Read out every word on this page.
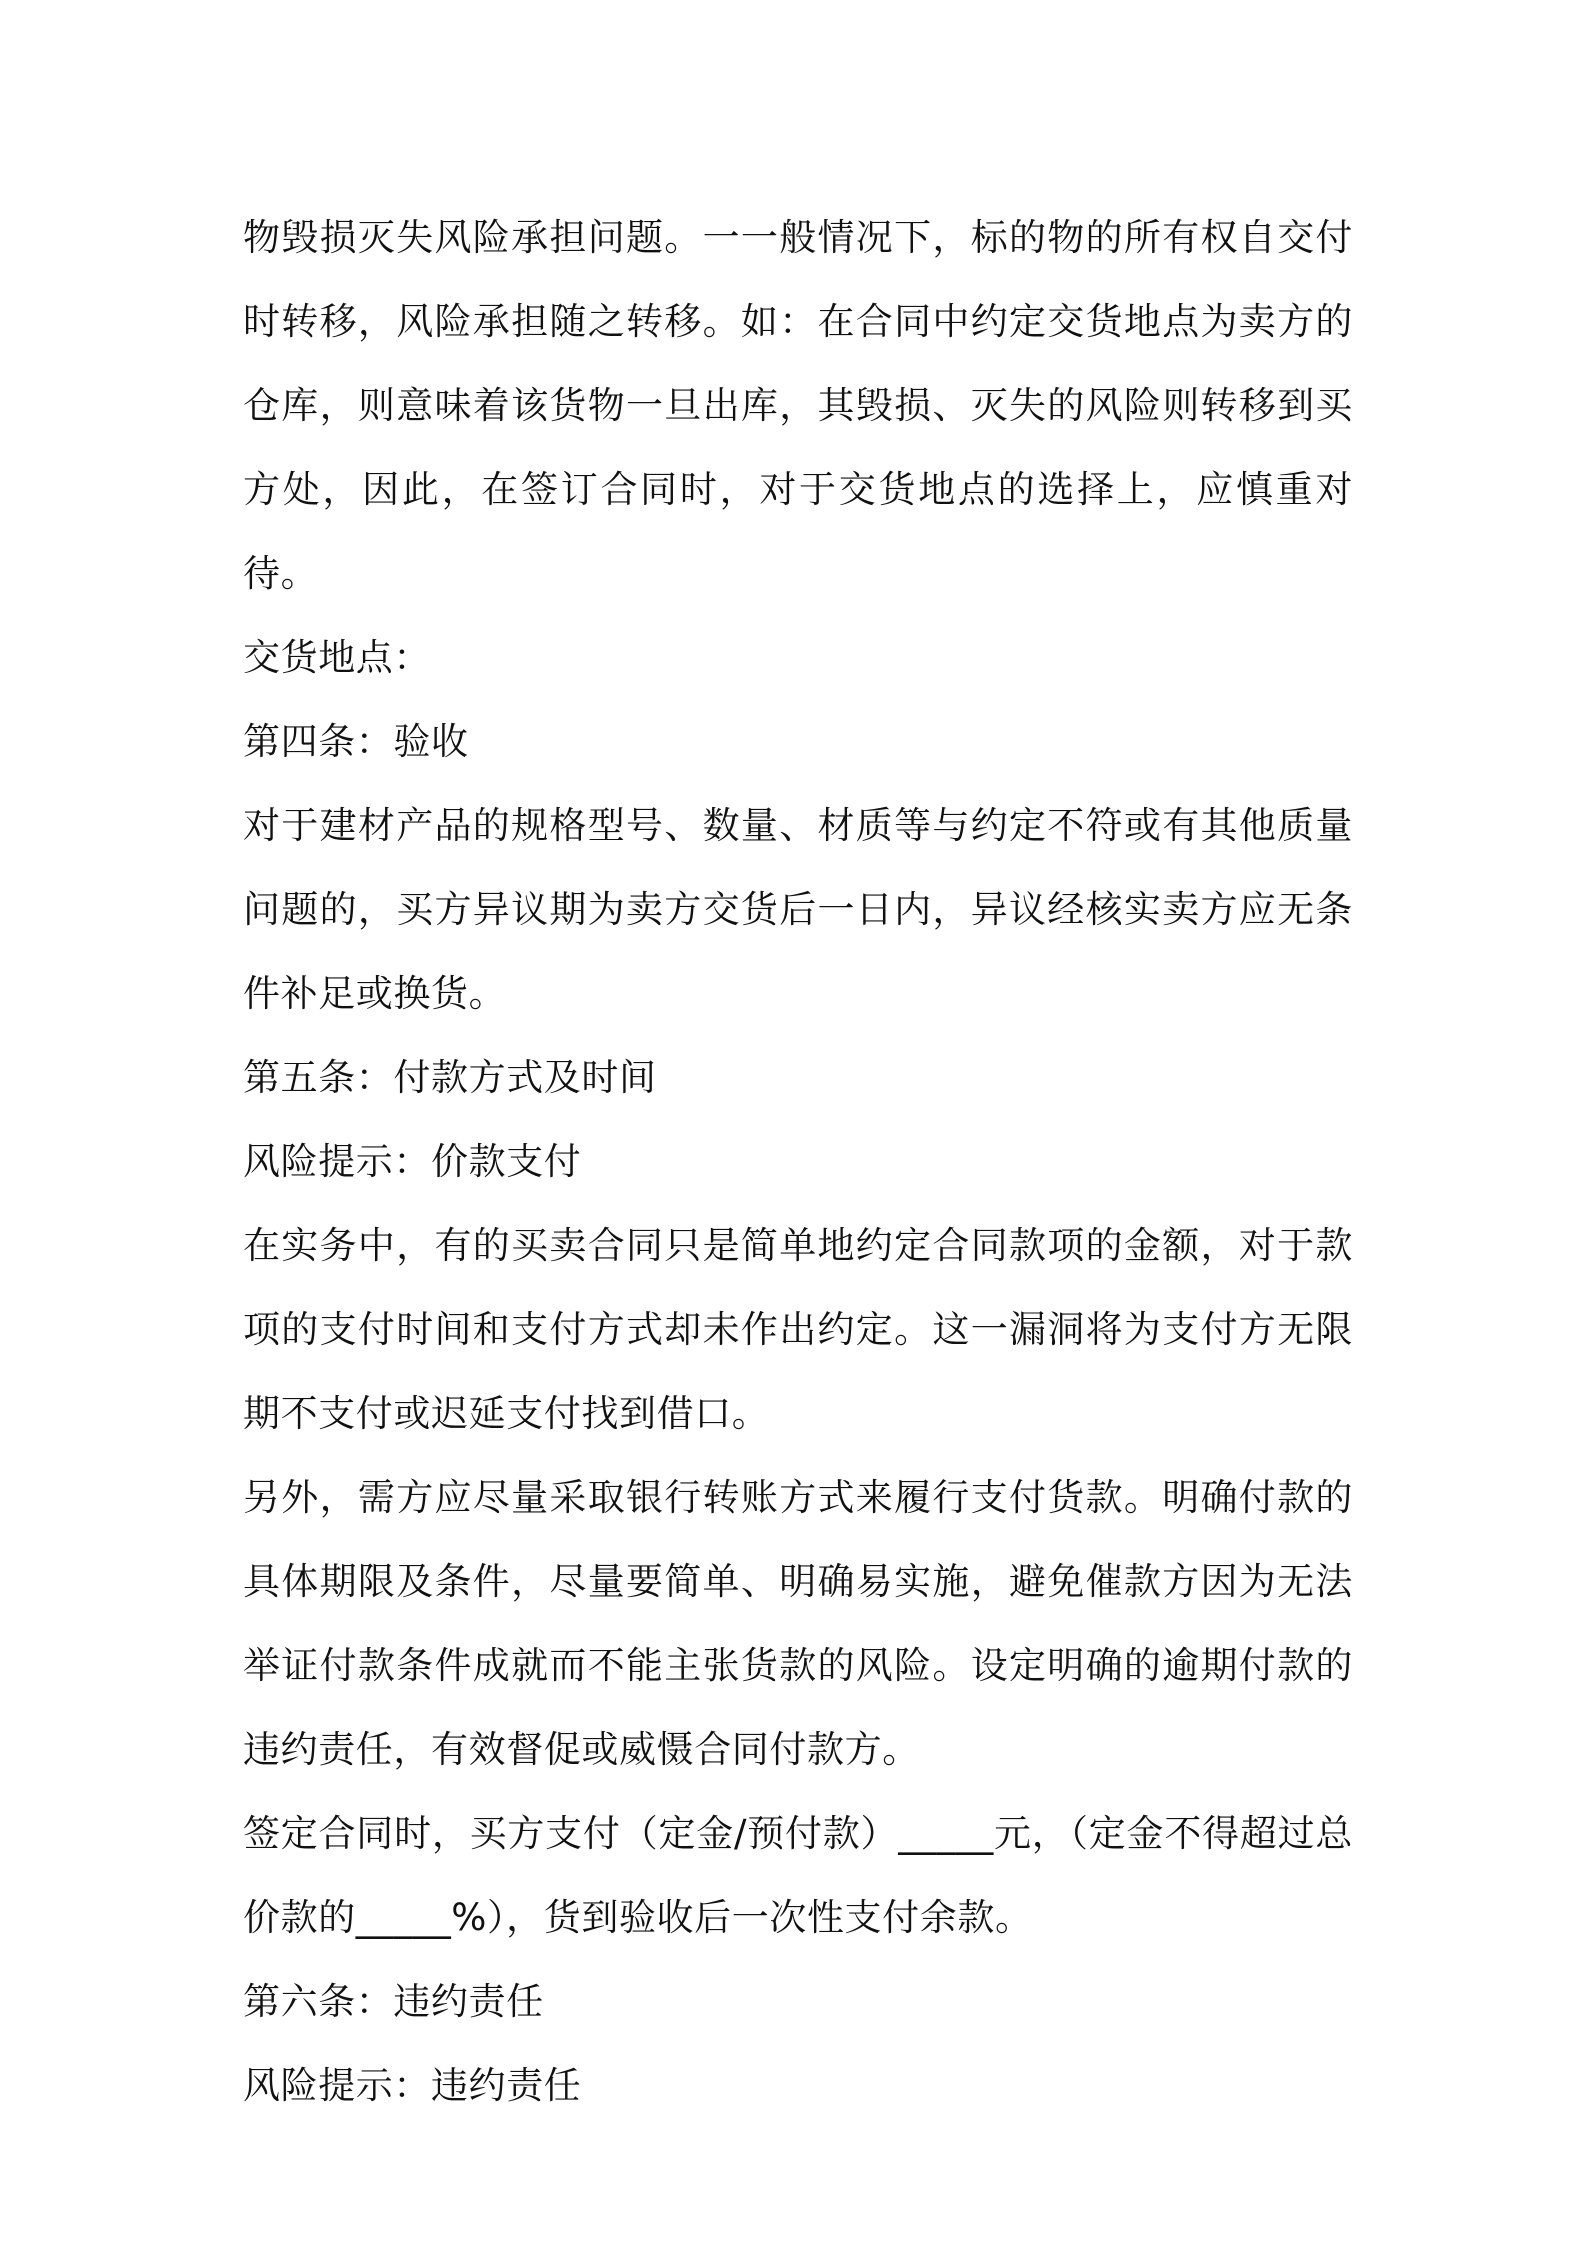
物毁损灭失风险承担问题。一一般情况下，标的物的所有权自交付时转移，风险承担随之转移。如：在合同中约定交货地点为卖方的仓库，则意味着该货物一旦出库，其毁损、灭失的风险则转移到买方处，因此，在签订合同时，对于交货地点的选择上，应慎重对待。

交货地点：

第四条：验收

对于建材产品的规格型号、数量、材质等与约定不符或有其他质量问题的，买方异议期为卖方交货后一日内，异议经核实卖方应无条件补足或换货。

第五条：付款方式及时间

风险提示：价款支付

在实务中，有的买卖合同只是简单地约定合同款项的金额，对于款项的支付时间和支付方式却未作出约定。这一漏洞将为支付方无限期不支付或迟延支付找到借口。

另外，需方应尽量采取银行转账方式来履行支付货款。明确付款的具体期限及条件，尽量要简单、明确易实施，避免催款方因为无法举证付款条件成就而不能主张货款的风险。设定明确的逾期付款的违约责任，有效督促或威慑合同付款方。

签定合同时，买方支付（定金/预付款）_____元，（定金不得超过总价款的_____%），货到验收后一次性支付余款。

第六条：违约责任

风险提示：违约责任
